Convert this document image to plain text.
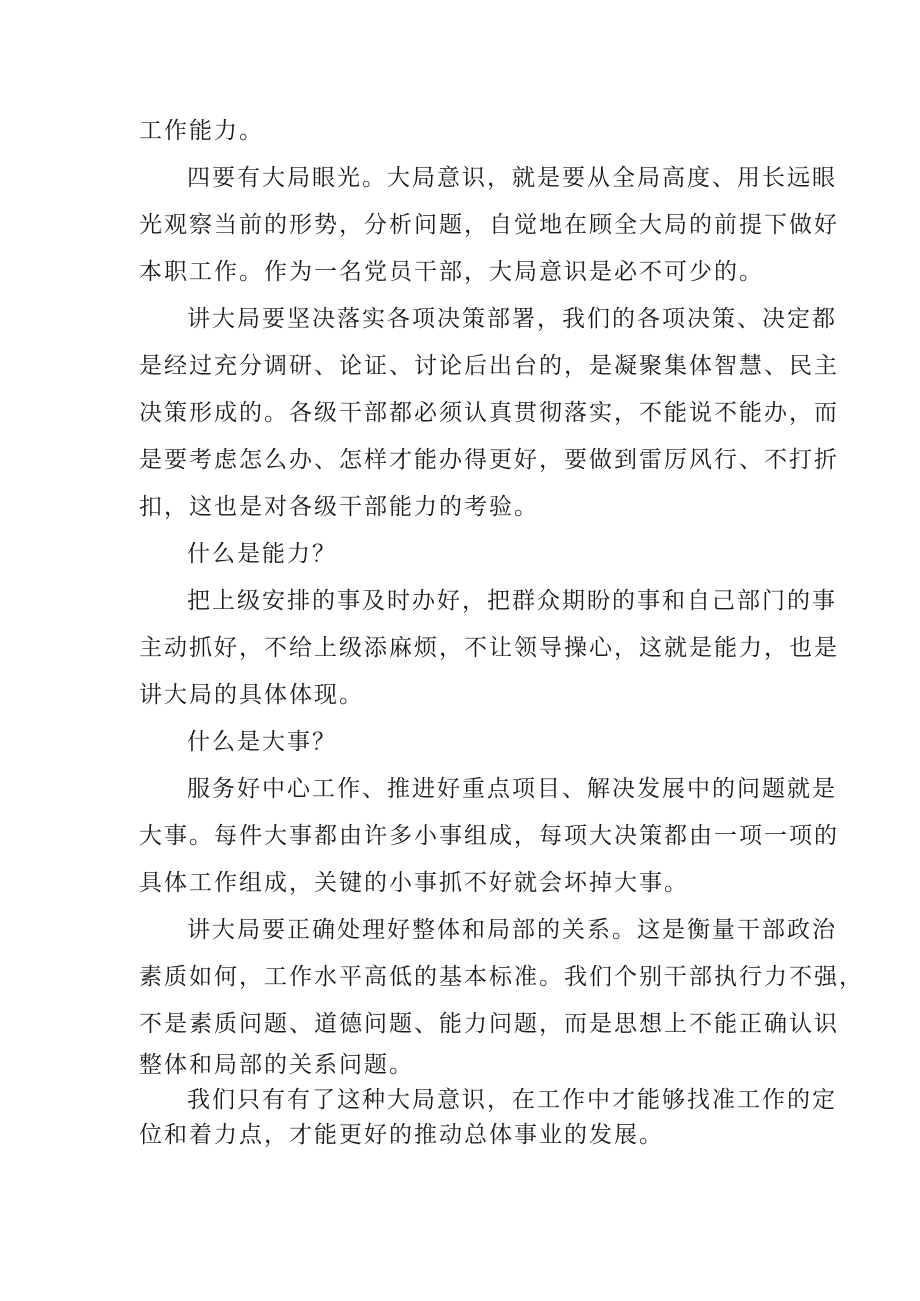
工作能力。
四要有大局眼光。大局意识，就是要从全局高度、用长远眼
光观察当前的形势，分析问题，自觉地在顾全大局的前提下做好
本职工作。作为一名党员干部，大局意识是必不可少的。
讲大局要坚决落实各项决策部署，我们的各项决策、决定都
是经过充分调研、论证、讨论后出台的，是凝聚集体智慧、民主
决策形成的。各级干部都必须认真贯彻落实，不能说不能办，而
是要考虑怎么办、怎样才能办得更好，要做到雷厉风行、不打折
扣，这也是对各级干部能力的考验。
什么是能力？
把上级安排的事及时办好，把群众期盼的事和自己部门的事
主动抓好，不给上级添麻烦，不让领导操心，这就是能力，也是
讲大局的具体体现。
什么是大事？
服务好中心工作、推进好重点项目、解决发展中的问题就是
大事。每件大事都由许多小事组成，每项大决策都由一项一项的
具体工作组成，关键的小事抓不好就会坏掉大事。
讲大局要正确处理好整体和局部的关系。这是衡量干部政治
素质如何，工作水平高低的基本标准。我们个别干部执行力不强，
不是素质问题、道德问题、能力问题，而是思想上不能正确认识
整体和局部的关系问题。
我们只有有了这种大局意识，在工作中才能够找准工作的定
位和着力点，才能更好的推动总体事业的发展。
